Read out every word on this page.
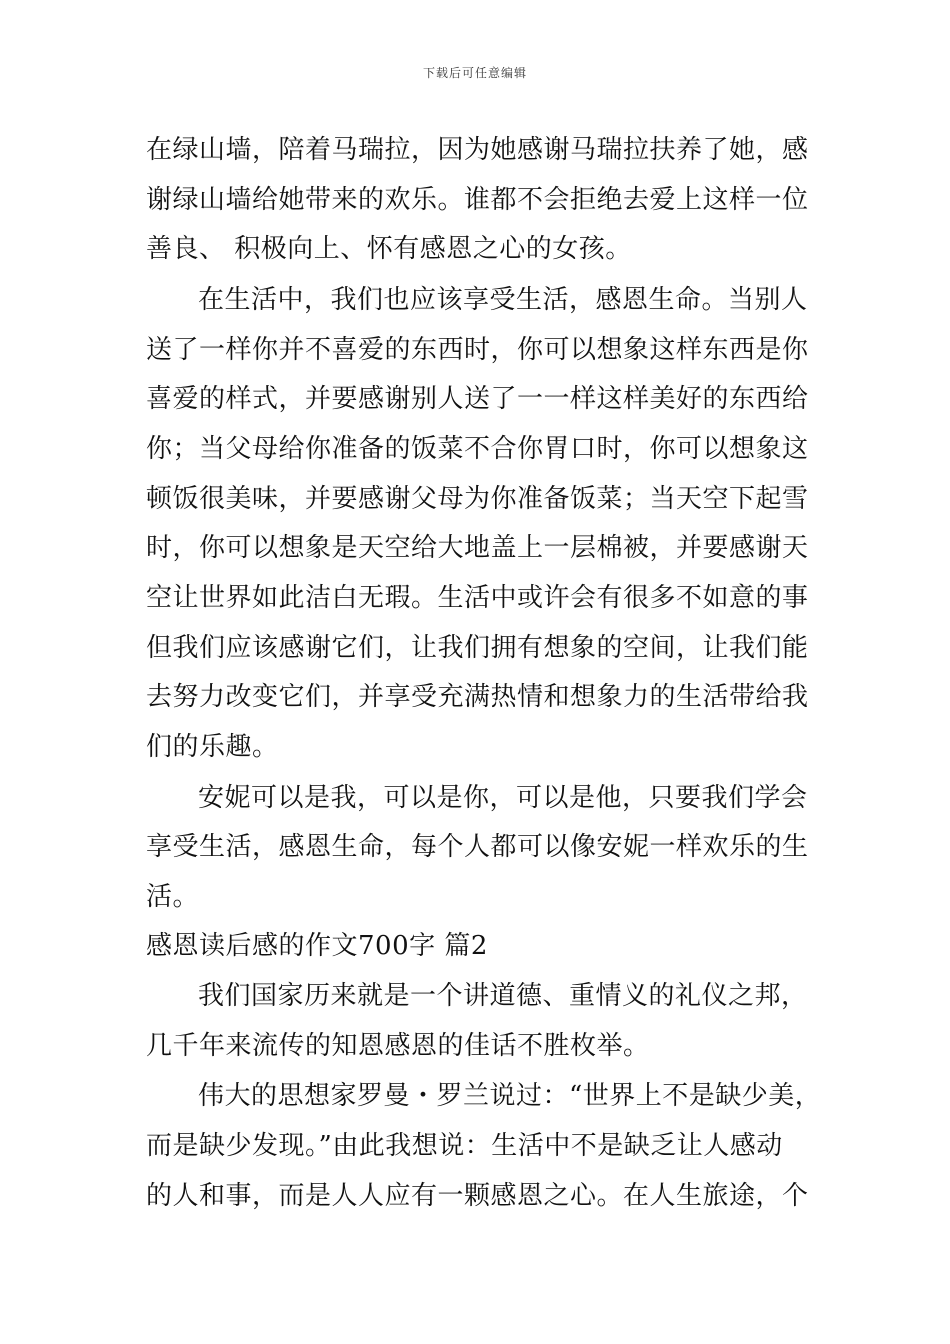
下载后可任意编辑
在绿山墙，陪着马瑞拉，因为她感谢马瑞拉扶养了她，感
谢绿山墙给她带来的欢乐。谁都不会拒绝去爱上这样一位
善良、 积极向上、怀有感恩之心的女孩。
在生活中，我们也应该享受生活，感恩生命。当别人
送了一样你并不喜爱的东西时，你可以想象这样东西是你
喜爱的样式，并要感谢别人送了一一样这样美好的东西给
你；当父母给你准备的饭菜不合你胃口时，你可以想象这
顿饭很美味，并要感谢父母为你准备饭菜；当天空下起雪
时，你可以想象是天空给大地盖上一层棉被，并要感谢天
空让世界如此洁白无瑕。生活中或许会有很多不如意的事
但我们应该感谢它们，让我们拥有想象的空间，让我们能
去努力改变它们，并享受充满热情和想象力的生活带给我
们的乐趣。
安妮可以是我，可以是你，可以是他，只要我们学会
享受生活，感恩生命，每个人都可以像安妮一样欢乐的生
活。
感恩读后感的作文700字 篇2
我们国家历来就是一个讲道德、重情义的礼仪之邦，
几千年来流传的知恩感恩的佳话不胜枚举。
伟大的思想家罗曼・罗兰说过：“世界上不是缺少美，
而是缺少发现。”由此我想说：生活中不是缺乏让人感动
的人和事，而是人人应有一颗感恩之心。在人生旅途，个
